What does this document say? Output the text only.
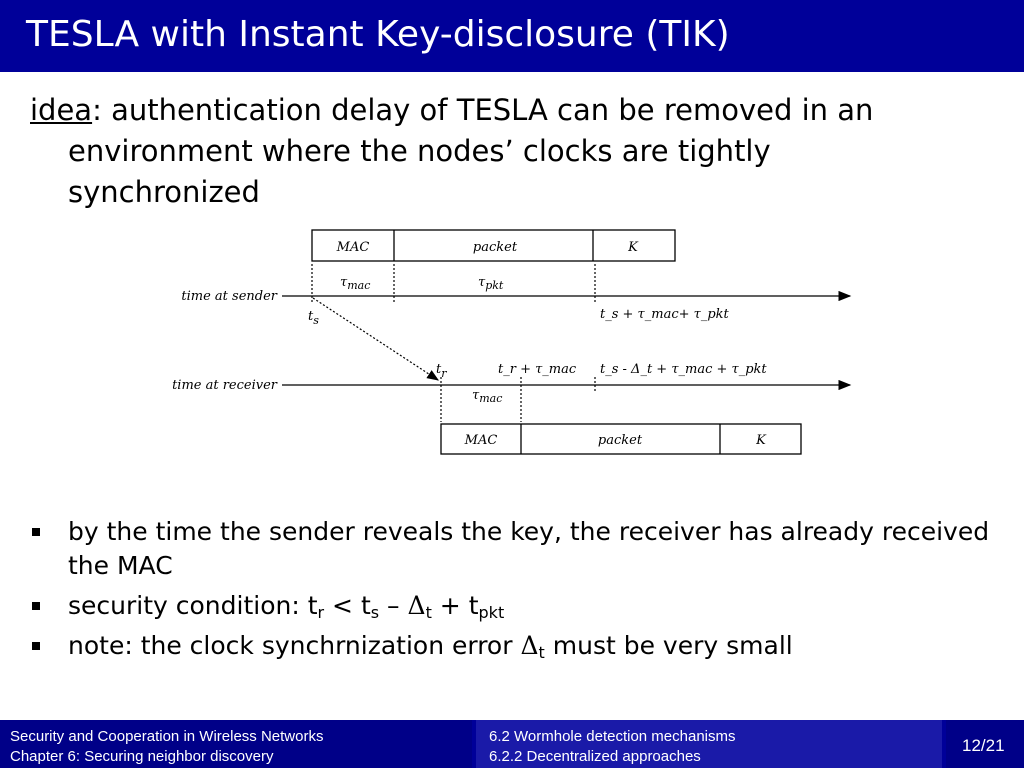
TESLA with Instant Key-disclosure (TIK)
idea: authentication delay of TESLA can be removed in an
environment where the nodes’ clocks are tightly
synchronized
MAC	packet	K
time at sender
$\tau_{mac}$	$\tau_{pkt}$
$t_s$	t_s + τ_mac+ τ_pkt
time at receiver
$t_r$	t_r + τ_mac t_s - Δ_t + τ_mac + τ_pkt
$\tau_{mac}$
MAC	packet	K
by the time the sender reveals the key, the receiver has already received
the MAC
security condition: $t_r < t_s - \Delta_t + t_{pkt}$
note: the clock synchrnization error $\Delta_t$ must be very small
Security and Cooperation in Wireless Networks
Chapter 6: Securing neighbor discovery
6.2 Wormhole detection mechanisms
6.2.2 Decentralized approaches
12/21
